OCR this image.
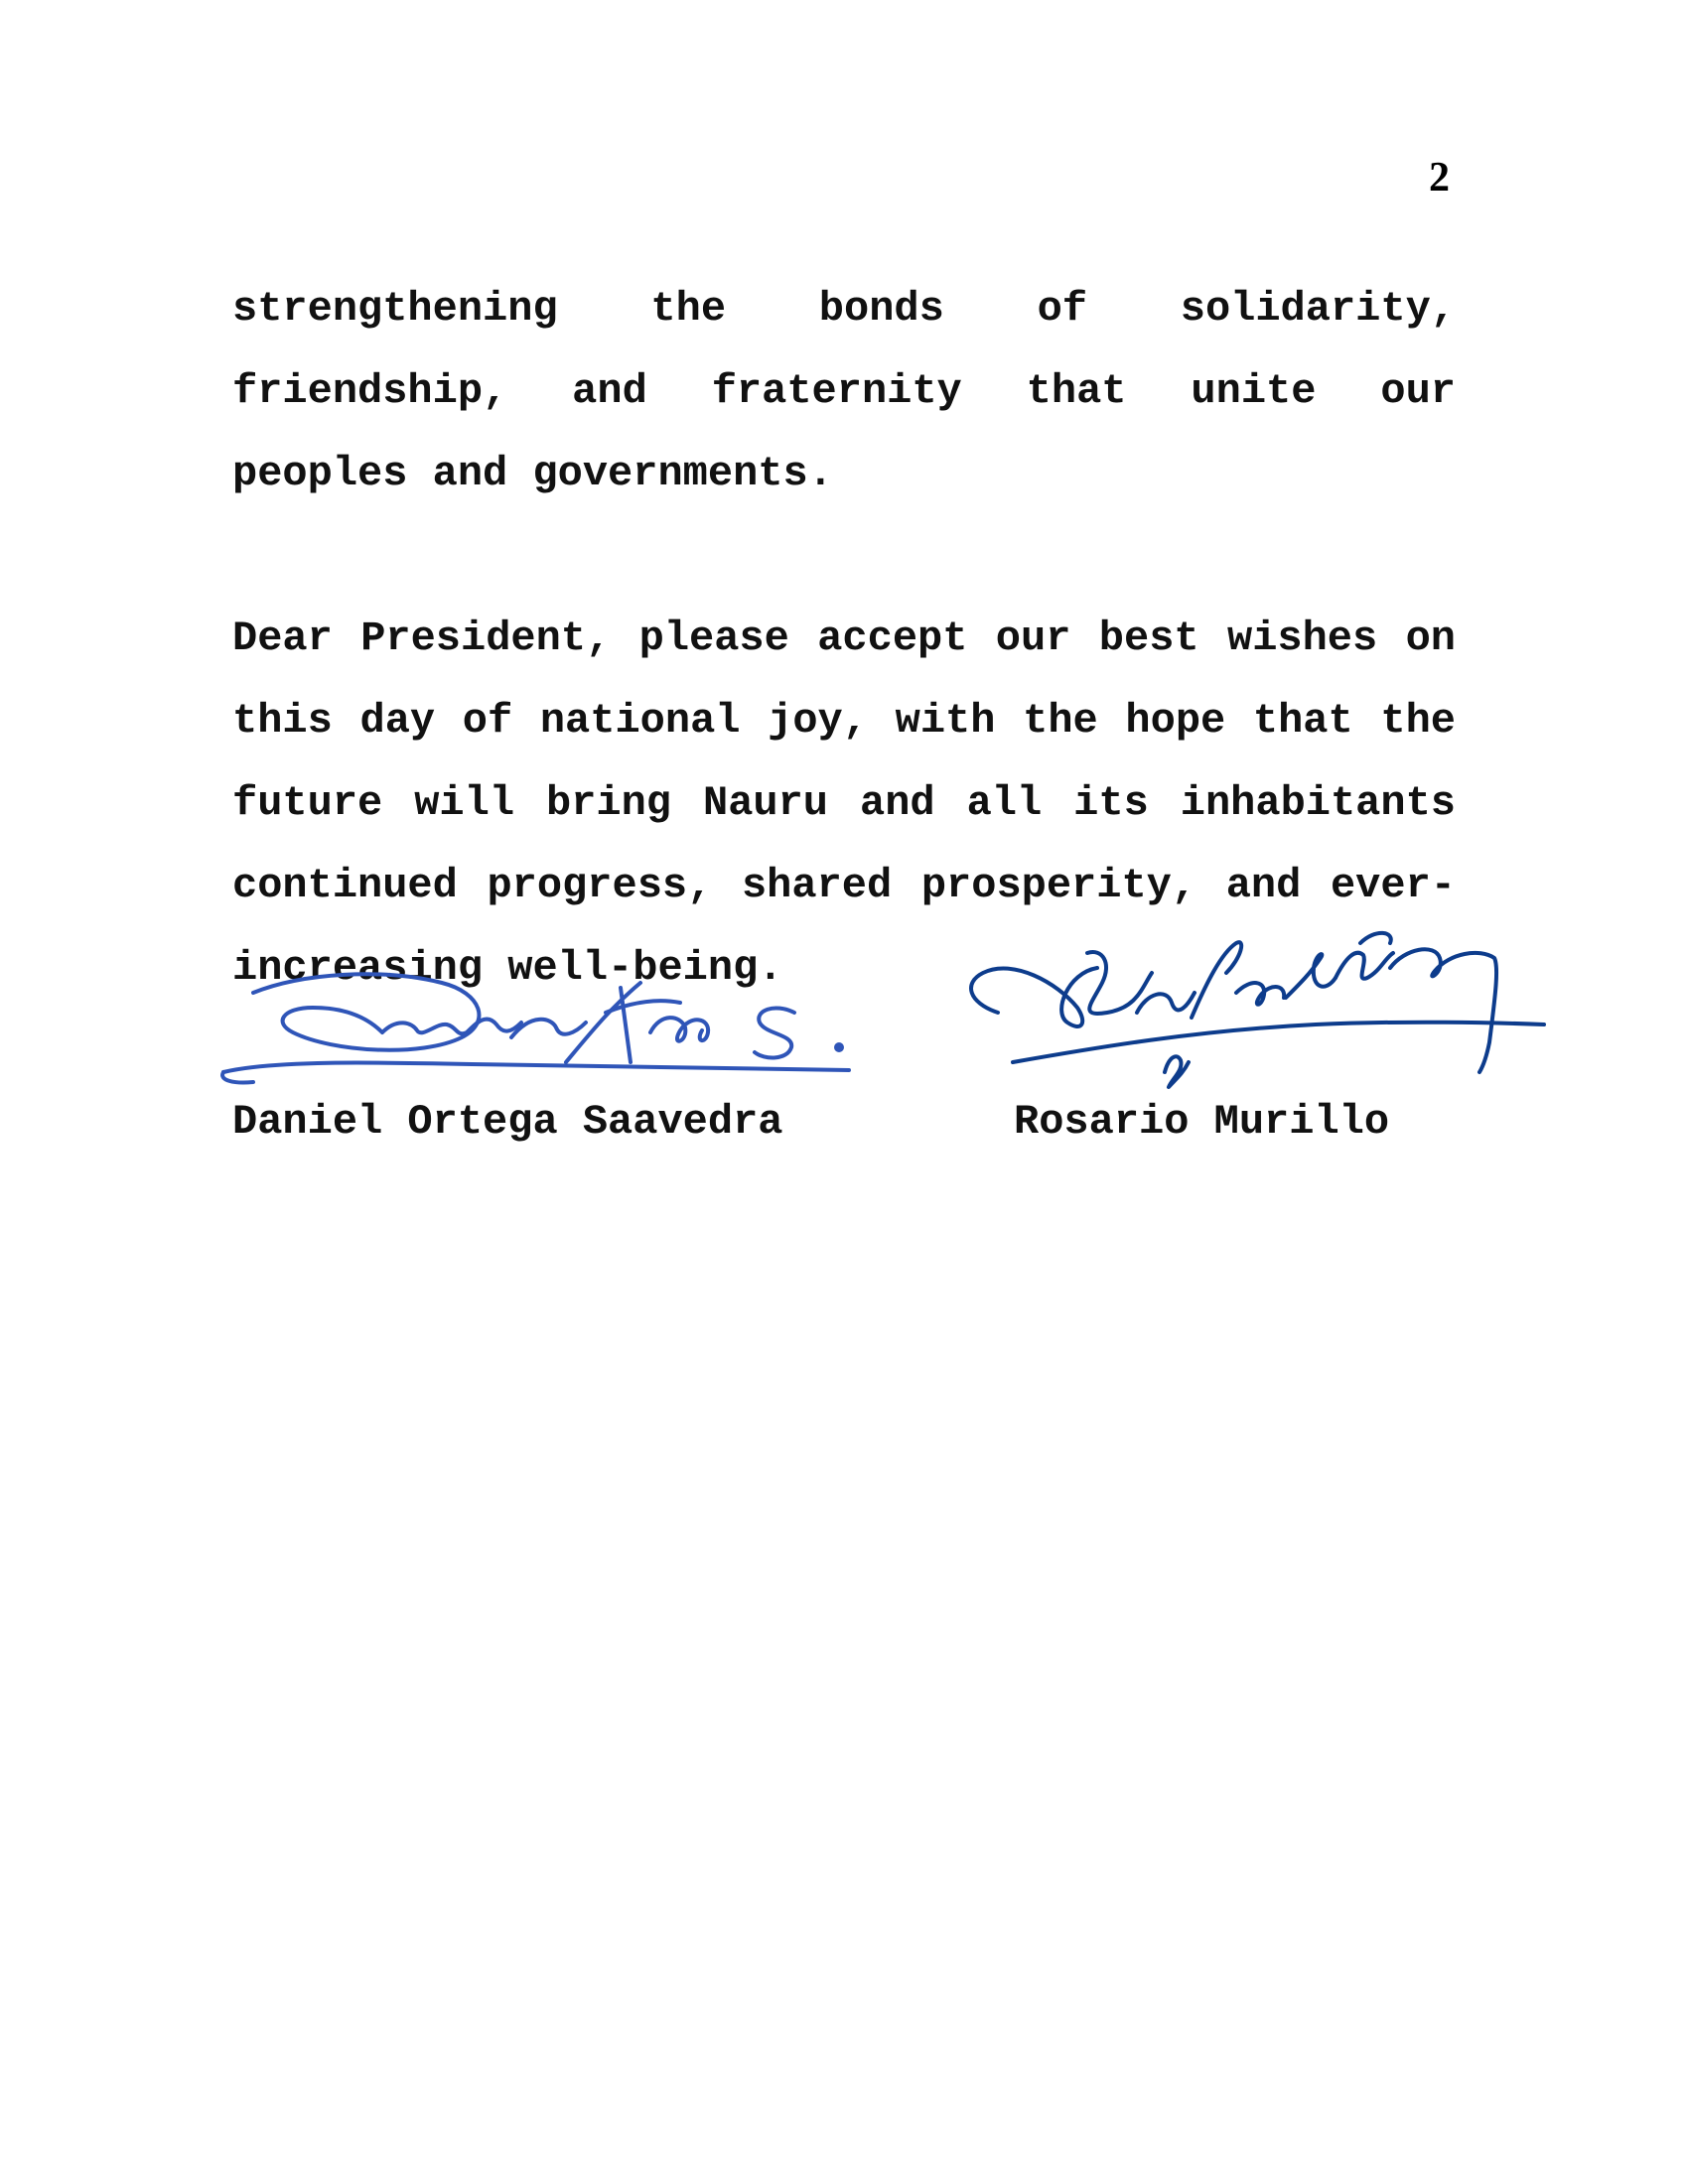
2

strengthening the bonds of solidarity, friendship, and fraternity that unite our peoples and governments.

Dear President, please accept our best wishes on this day of national joy, with the hope that the future will bring Nauru and all its inhabitants continued progress, shared prosperity, and ever-increasing well-being.

Daniel Ortega Saavedra	Rosario Murillo
